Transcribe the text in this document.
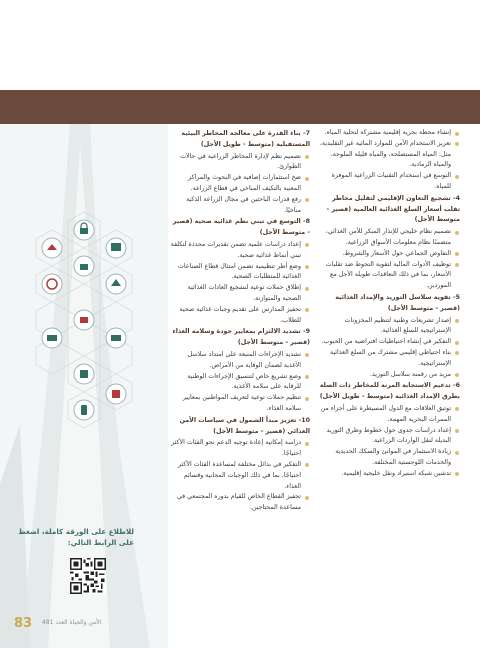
إنشاء محطة بحرية إقليمية مشتركة لتحلية المياه.
تعزيز الاستخدام الأمن للموارد المائية غير التقليدية، مثل: المياه المستصلحة، والمياه قليلة الملوحة، والمياه الرمادية.
التوسع في استخدام التقنيات الزراعية الموفرة للمياه.
4- تشجيع التعاون الإقليمي لتقليل مخاطر تقلب أسعار السلع الغذائية العالمية (قصير - متوسط الأجل)
تصميم نظام خليجي للإنذار المبكر للأمن الغذائي، متضمنًا نظام معلومات الأسواق الزراعية.
التفاوض الجماعي حول الأسعار والشروط.
توظيف الأدوات المالية لتقوية التحوط ضد تقلبات الأسعار، بما في ذلك التعاقدات طويلة الأجل مع الموردين.
5- تقوية سلاسل التوريد والإمداد الغذائية (قصير - متوسط الأجل)
إصدار تشريعات وطنية لتنظيم المخزونات الإستراتيجية للسلع الغذائية.
التفكير في إنشاء احتياطيات افتراضية من الحبوب.
بناء احتياطي إقليمي مشترك من السلع الغذائية الإستراتيجية.
مزيد من رقمنة سلاسل التوريد.
6- تدعيم الاستجابة المرنة للمخاطر ذات الصلة بطرق الإمداد الغذائية (متوسط - طويل الأجل)
توثيق العلاقات مع الدول المسيطرة على أجزاء من الممرات البحرية المهمة.
إعداد دراسات جدوى حول خطوط وطرق التوريد البديلة لنقل الواردات الزراعية.
زيادة الاستثمار في الموانئ والسكك الحديدية والخدمات اللوجستية المختلفة.
تدشين شبكة استيراد ونقل خليجية إقليمية.
7- بناء القدرة على معالجة المخاطر البيئية المستقبلية (متوسط - طويل الأجل)
تصميم نظم لإدارة المخاطر الزراعية في حالات الطوارئ.
ضخ استثمارات إضافية في البحوث والمراكز المعنية بالتكيف المناخي في قطاع الزراعة.
رفع قدرات الباحثين في مجال الزراعة الذكية مناخيًا.
8- التوسع في تبني نظم غذائية صحية (قصير - متوسط الأجل)
إعداد دراسات علمية تضمن تقديرات محددة لتكلفة تبني أنماط غذائية صحية.
وضع أطر تنظيمية تضمن امتثال قطاع الصناعات الغذائية للمتطلبات الصحية.
إطلاق حملات توعية لتشجيع العادات الغذائية الصحية والمتوازنة.
تحفيز المدارس على تقديم وجبات غذائية صحية للطلاب.
9- تشديد الالتزام بمعايير جودة وسلامة الغذاء (قصير - متوسط الأجل)
تشديد الإجراءات المتبعة على امتداد سلاسل الأغذية لضمان الوقاية من الأمراض.
وضع تشريع خاص لتنسيق الإجراءات الوطنية للرقابة على سلامة الأغذية.
تنظيم حملات توعية لتعريف المواطنين بمعايير سلامة الغذاء.
10- تعزيز مبدأ الشمول في سياسات الأمن الغذائي (قصير - متوسط الأجل)
دراسة إمكانية إعادة توجيه الدعم نحو الفئات الأكثر احتياجًا.
التفكير في بدائل مختلفة لمساعدة الفئات الأكثر احتياجًا، بما في ذلك الوجبات المجانية وقسائم الغذاء.
تحفيز القطاع الخاص للقيام بدوره المجتمعي في مساعدة المحتاجين.
للاطلاع على الورقة كاملة، اضغط على الرابط التالي:
83	الأمن والحياة العدد 481
